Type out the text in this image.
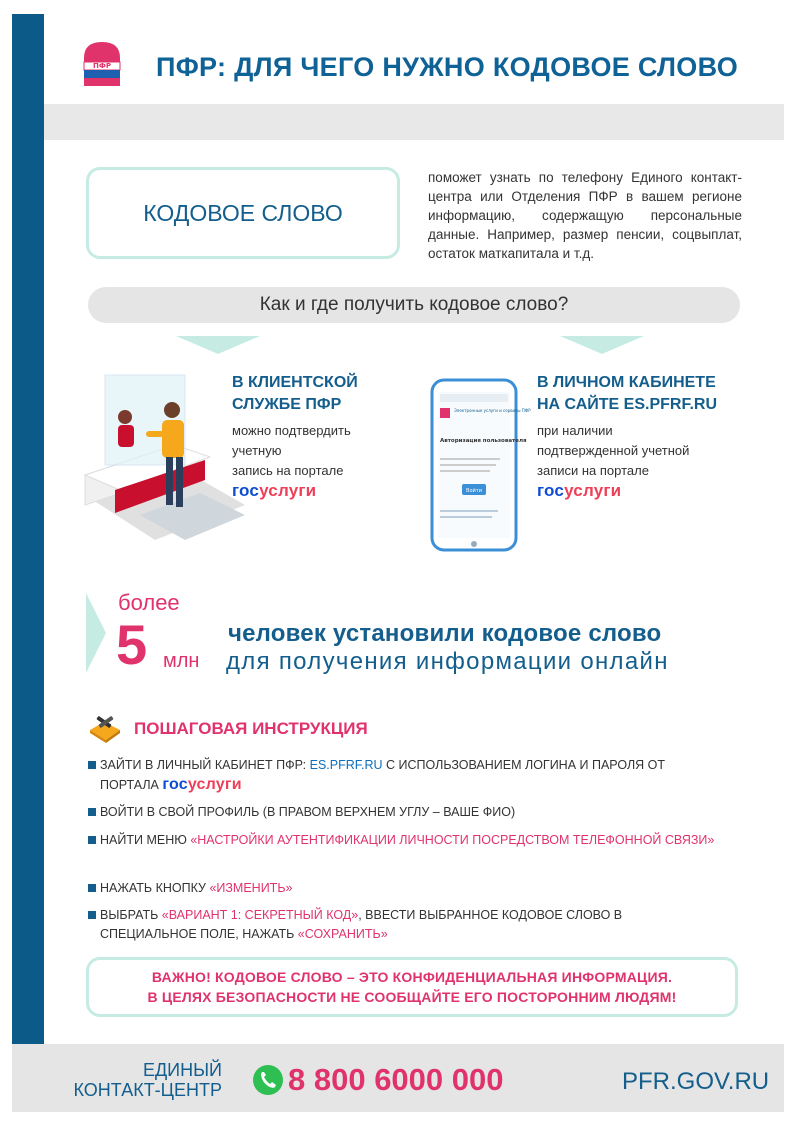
ПФР ПФР: ДЛЯ ЧЕГО НУЖНО КОДОВОЕ СЛОВО
КОДОВОЕ СЛОВО
поможет узнать по телефону Единого контакт-центра или Отделения ПФР в вашем регионе информацию, содержащую персональные данные. Например, размер пенсии, соцвыплат, остаток маткапитала и т.д.
Как и где получить кодовое слово?
В КЛИЕНТСКОЙ
СЛУЖБЕ ПФР
можно подтвердить
учетную
запись на портале
госуслуги
Электронные услуги и сервисы ПФР
Авторизация пользователя
Войти
В ЛИЧНОМ КАБИНЕТЕ
НА САЙТЕ ES.PFRF.RU
при наличии
подтвержденной учетной
записи на портале
госуслуги
более
5 млн
человек установили кодовое слово
для получения информации онлайн
ПОШАГОВАЯ ИНСТРУКЦИЯ
ЗАЙТИ В ЛИЧНЫЙ КАБИНЕТ ПФР: ES.PFRF.RU С ИСПОЛЬЗОВАНИЕМ ЛОГИНА И ПАРОЛЯ ОТ ПОРТАЛА госуслуги
ВОЙТИ В СВОЙ ПРОФИЛЬ (В ПРАВОМ ВЕРХНЕМ УГЛУ – ВАШЕ ФИО)
НАЙТИ МЕНЮ «НАСТРОЙКИ АУТЕНТИФИКАЦИИ ЛИЧНОСТИ ПОСРЕДСТВОМ ТЕЛЕФОННОЙ СВЯЗИ»
НАЖАТЬ КНОПКУ «ИЗМЕНИТЬ»
ВЫБРАТЬ «ВАРИАНТ 1: СЕКРЕТНЫЙ КОД», ВВЕСТИ ВЫБРАННОЕ КОДОВОЕ СЛОВО В СПЕЦИАЛЬНОЕ ПОЛЕ, НАЖАТЬ «СОХРАНИТЬ»
ВАЖНО! КОДОВОЕ СЛОВО – ЭТО КОНФИДЕНЦИАЛЬНАЯ ИНФОРМАЦИЯ.
В ЦЕЛЯХ БЕЗОПАСНОСТИ НЕ СООБЩАЙТЕ ЕГО ПОСТОРОННИМ ЛЮДЯМ!
ЕДИНЫЙ
КОНТАКТ-ЦЕНТР 8 800 6000 000	PFR.GOV.RU
